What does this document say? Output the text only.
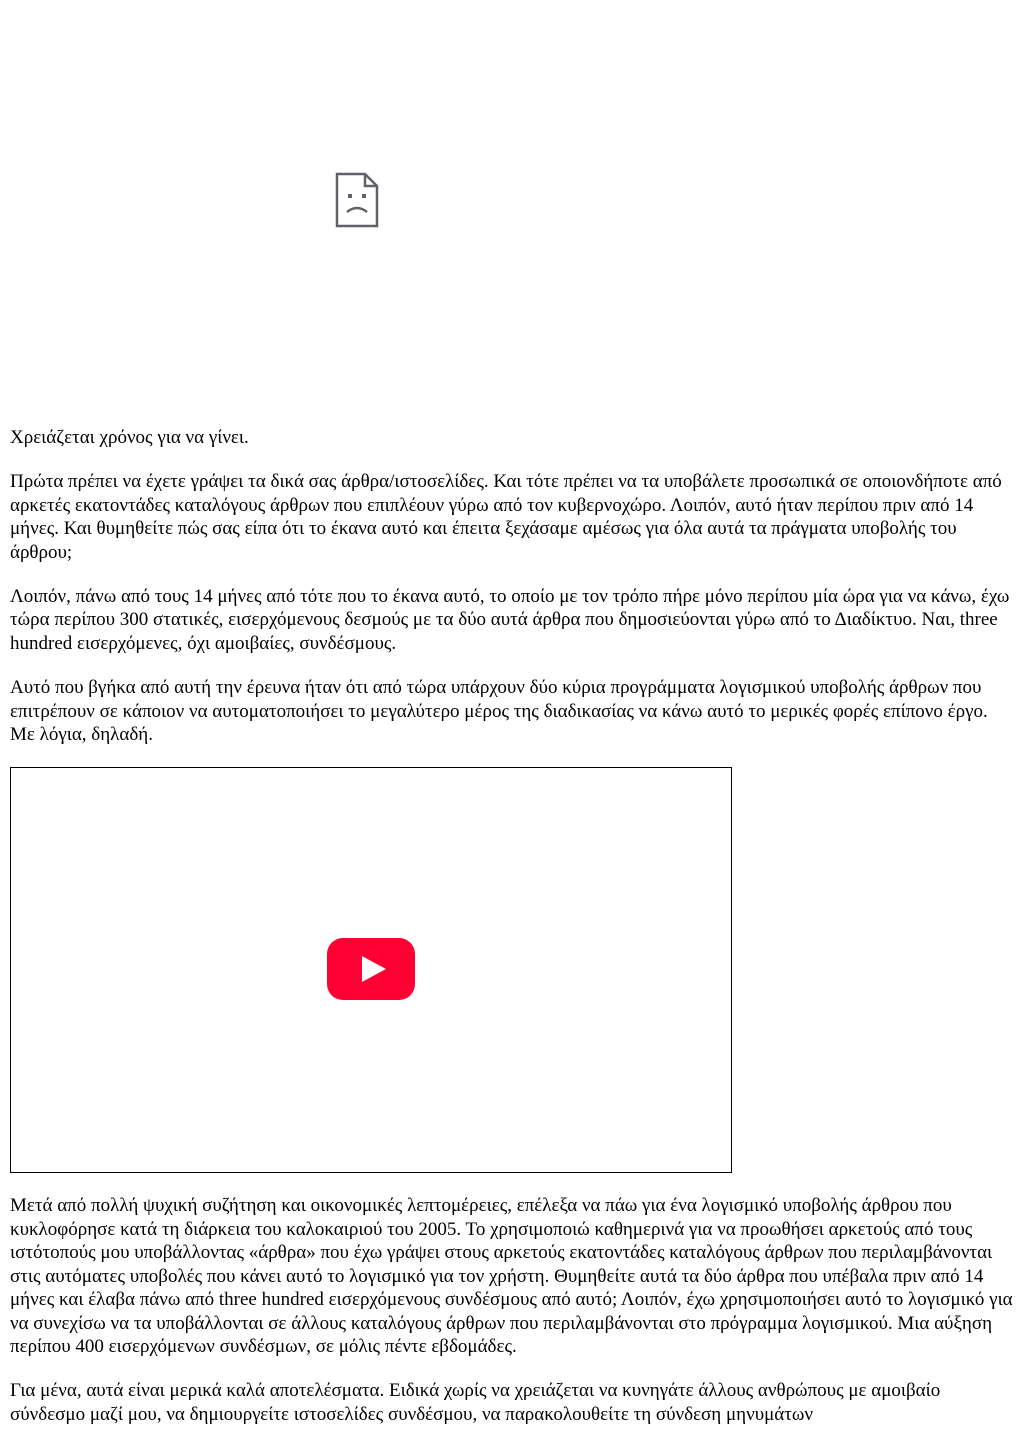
Χρειάζεται χρόνος για να γίνει.

Πρώτα πρέπει να έχετε γράψει τα δικά σας άρθρα/ιστοσελίδες. Και τότε πρέπει να τα υποβάλετε προσωπικά σε οποιονδήποτε από αρκετές εκατοντάδες καταλόγους άρθρων που επιπλέουν γύρω από τον κυβερνοχώρο. Λοιπόν, αυτό ήταν περίπου πριν από 14 μήνες. Και θυμηθείτε πώς σας είπα ότι το έκανα αυτό και έπειτα ξεχάσαμε αμέσως για όλα αυτά τα πράγματα υποβολής του άρθρου;

Λοιπόν, πάνω από τους 14 μήνες από τότε που το έκανα αυτό, το οποίο με τον τρόπο πήρε μόνο περίπου μία ώρα για να κάνω, έχω τώρα περίπου 300 στατικές, εισερχόμενους δεσμούς με τα δύο αυτά άρθρα που δημοσιεύονται γύρω από το Διαδίκτυο. Ναι, three hundred εισερχόμενες, όχι αμοιβαίες, συνδέσμους.

Αυτό που βγήκα από αυτή την έρευνα ήταν ότι από τώρα υπάρχουν δύο κύρια προγράμματα λογισμικού υποβολής άρθρων που επιτρέπουν σε κάποιον να αυτοματοποιήσει το μεγαλύτερο μέρος της διαδικασίας να κάνω αυτό το μερικές φορές επίπονο έργο. Με λόγια, δηλαδή.

Μετά από πολλή ψυχική συζήτηση και οικονομικές λεπτομέρειες, επέλεξα να πάω για ένα λογισμικό υποβολής άρθρου που κυκλοφόρησε κατά τη διάρκεια του καλοκαιριού του 2005. Το χρησιμοποιώ καθημερινά για να προωθήσει αρκετούς από τους ιστότοπούς μου υποβάλλοντας «άρθρα» που έχω γράψει στους αρκετούς εκατοντάδες καταλόγους άρθρων που περιλαμβάνονται στις αυτόματες υποβολές που κάνει αυτό το λογισμικό για τον χρήστη. Θυμηθείτε αυτά τα δύο άρθρα που υπέβαλα πριν από 14 μήνες και έλαβα πάνω από three hundred εισερχόμενους συνδέσμους από αυτό; Λοιπόν, έχω χρησιμοποιήσει αυτό το λογισμικό για να συνεχίσω να τα υποβάλλονται σε άλλους καταλόγους άρθρων που περιλαμβάνονται στο πρόγραμμα λογισμικού. Μια αύξηση περίπου 400 εισερχόμενων συνδέσμων, σε μόλις πέντε εβδομάδες.

Για μένα, αυτά είναι μερικά καλά αποτελέσματα. Ειδικά χωρίς να χρειάζεται να κυνηγάτε άλλους ανθρώπους με αμοιβαίο σύνδεσμο μαζί μου, να δημιουργείτε ιστοσελίδες συνδέσμου, να παρακολουθείτε τη σύνδεση μηνυμάτων
